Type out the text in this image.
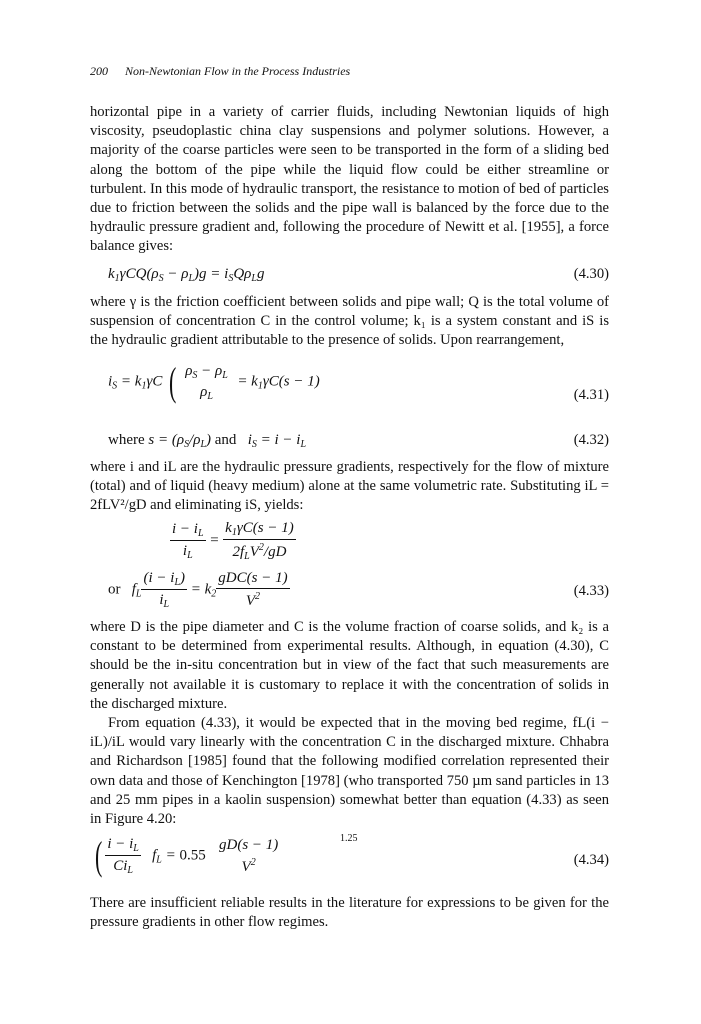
200 Non-Newtonian Flow in the Process Industries
horizontal pipe in a variety of carrier fluids, including Newtonian liquids of high viscosity, pseudoplastic china clay suspensions and polymer solutions. However, a majority of the coarse particles were seen to be transported in the form of a sliding bed along the bottom of the pipe while the liquid flow could be either streamline or turbulent. In this mode of hydraulic transport, the resistance to motion of bed of particles due to friction between the solids and the pipe wall is balanced by the force due to the hydraulic pressure gradient and, following the procedure of Newitt et al. [1955], a force balance gives:
$k_1\gamma CQ(\rho_S - \rho_L)g = i_SQ\rho_Lg$	(4.30)
where γ is the friction coefficient between solids and pipe wall; Q is the total volume of suspension of concentration C in the control volume; k₁ is a system constant and iS is the hydraulic gradient attributable to the presence of solids. Upon rearrangement,
$i_S = k_1\gamma C$ ( $\rho_S - \rho_L$
$\rho_L$
= $k_1\gamma C(s - 1)$
(4.31)
where $s = (\rho_S/\rho_L)$ and $i_S = i - i_L$	(4.32)
where i and iL are the hydraulic pressure gradients, respectively for the flow of mixture (total) and of liquid (heavy medium) alone at the same volumetric rate. Substituting iL = 2fLV²/gD and eliminating iS, yields:
$\frac{i - i_L}{i_L} = \frac{k_1\gamma C(s - 1)}{2f_LV^2/gD}$
or $f_L \frac{(i - i_L)}{i_L} = k_2 \frac{\text{gDC(s − 1)}}{V^2}$	(4.33)
where D is the pipe diameter and C is the volume fraction of coarse solids, and k₂ is a constant to be determined from experimental results. Although, in equation (4.30), C should be the in-situ concentration but in view of the fact that such measurements are generally not available it is customary to replace it with the concentration of solids in the discharged mixture.
From equation (4.33), it would be expected that in the moving bed regime, fL(i − iL)/iL would vary linearly with the concentration C in the discharged mixture. Chhabra and Richardson [1985] found that the following modified correlation represented their own data and those of Kenchington [1978] (who transported 750 µm sand particles in 13 and 25 mm pipes in a kaolin suspension) somewhat better than equation (4.33) as seen in Figure 4.20:
( $\frac{i - i_L}{Ci_L} f_L = 0.55$
gD(s − 1)
$V^2$
1.25
(4.34)
There are insufficient reliable results in the literature for expressions to be given for the pressure gradients in other flow regimes.
